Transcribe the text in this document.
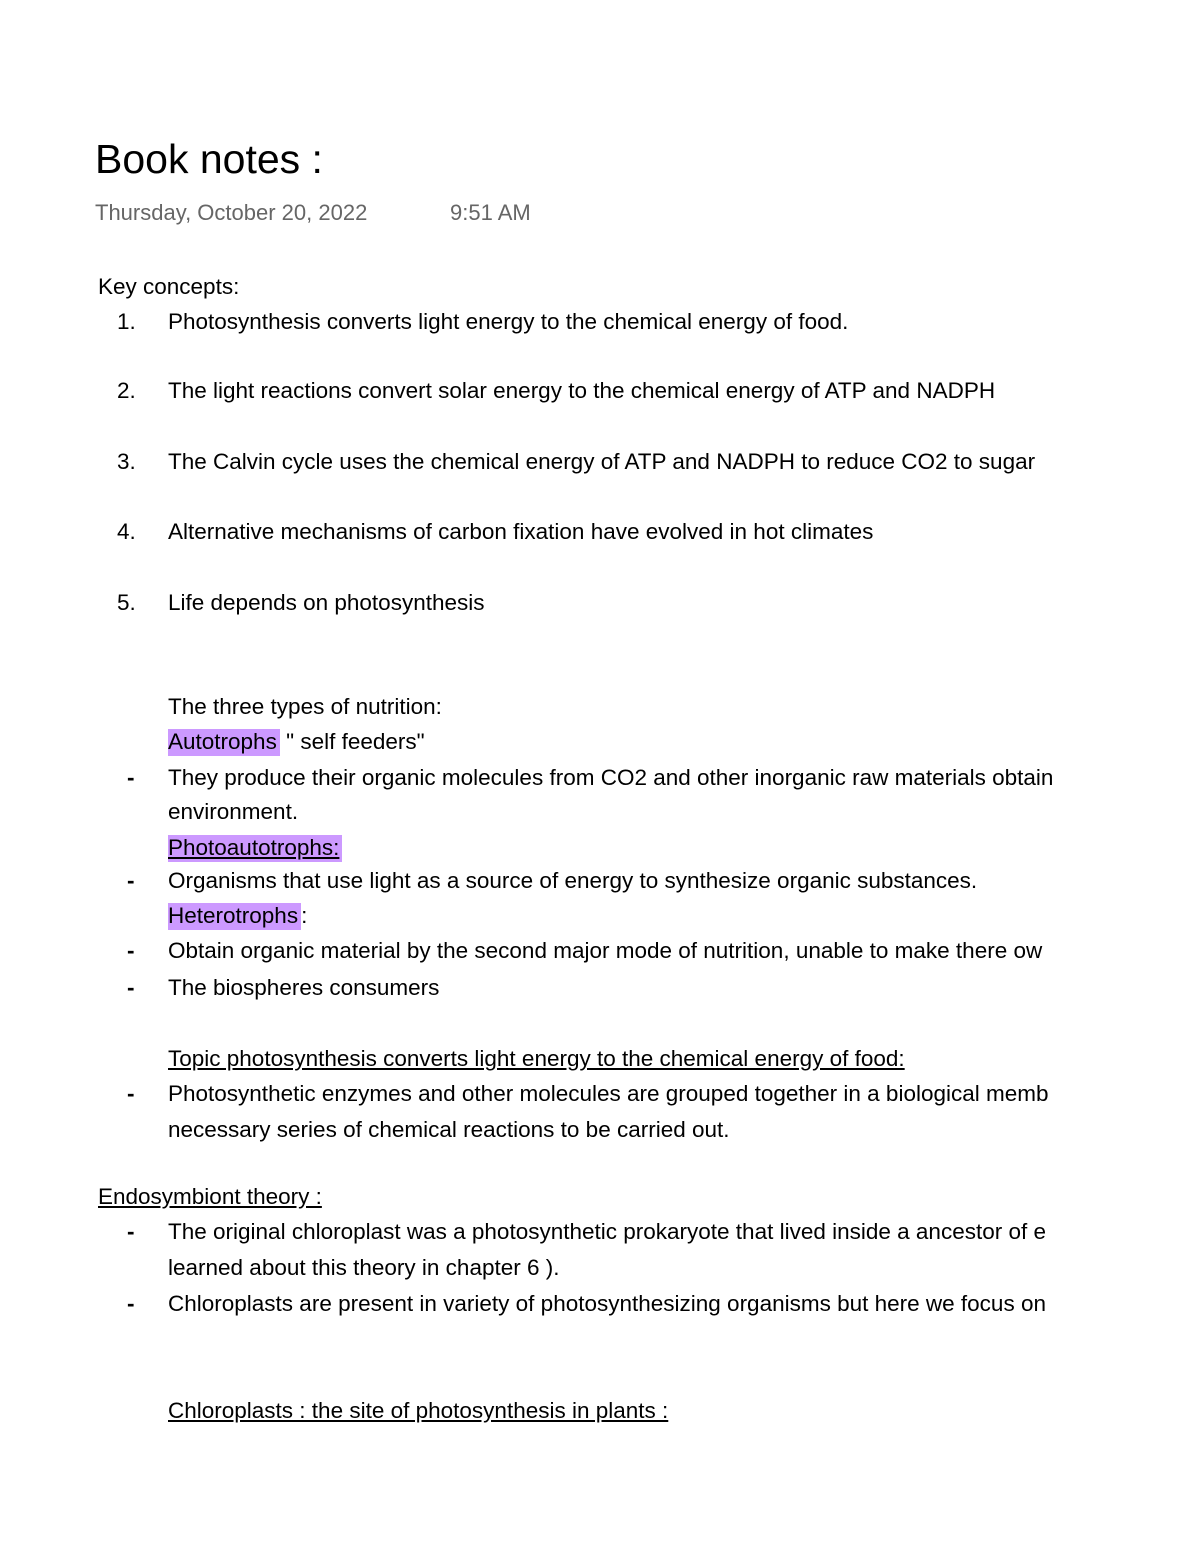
Book notes :
Thursday, October 20, 2022	9:51 AM
Key concepts:
1. Photosynthesis converts light energy to the chemical energy of food.
2. The light reactions convert solar energy to the chemical energy of ATP and NADPH
3. The Calvin cycle uses the chemical energy of ATP and NADPH to reduce CO2 to sugar
4. Alternative mechanisms of carbon fixation have evolved in hot climates
5. Life depends on photosynthesis
The three types of nutrition:
Autotrophs " self feeders"
- They produce their organic molecules from CO2 and other inorganic raw materials obtain
environment.
Photoautotrophs:
- Organisms that use light as a source of energy to synthesize organic substances.
Heterotrophs :
- Obtain organic material by the second major mode of nutrition, unable to make there ow
- The biospheres consumers
Topic photosynthesis converts light energy to the chemical energy of food:
- Photosynthetic enzymes and other molecules are grouped together in a biological memb
necessary series of chemical reactions to be carried out.
Endosymbiont theory :
- The original chloroplast was a photosynthetic prokaryote that lived inside a ancestor of e
learned about this theory in chapter 6 ).
- Chloroplasts are present in variety of photosynthesizing organisms but here we focus on
Chloroplasts : the site of photosynthesis in plants :
